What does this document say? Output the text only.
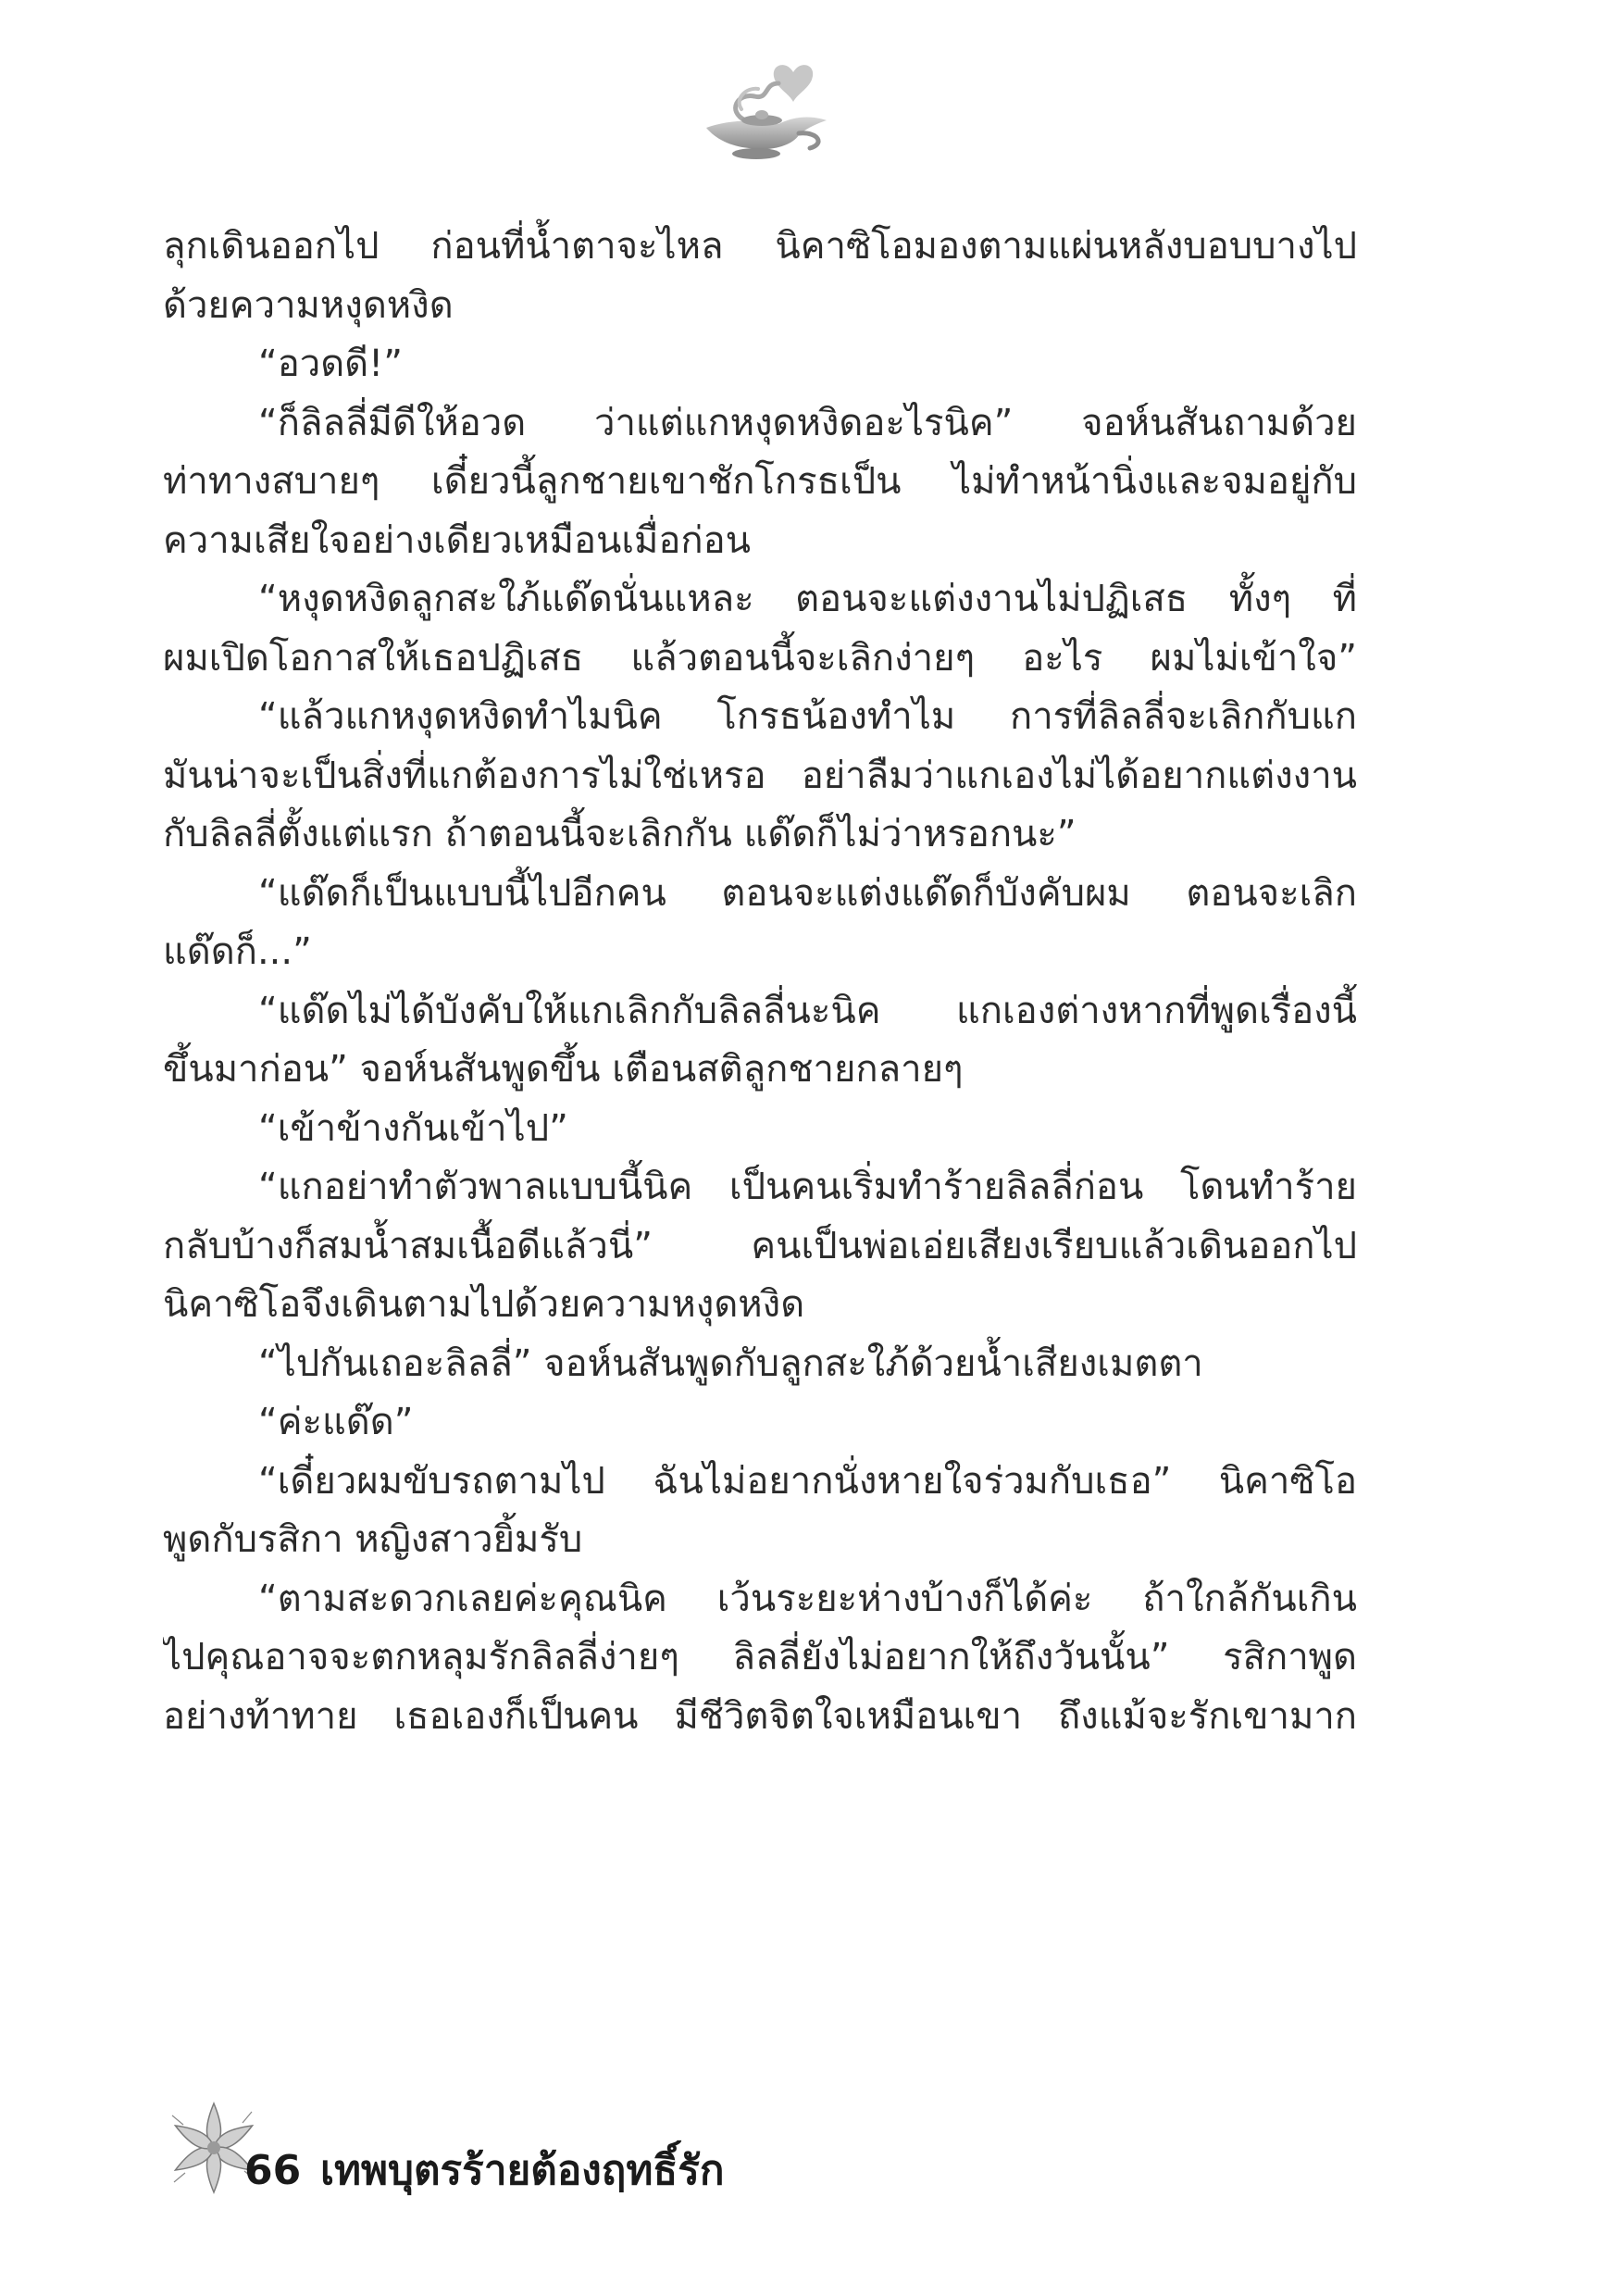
ลุกเดินออกไป ก่อนที่น้ำตาจะไหล นิคาซิโอมองตามแผ่นหลังบอบบางไป
ด้วยความหงุดหงิด
“อวดดี!”
“ก็ลิลลี่มีดีให้อวด ว่าแต่แกหงุดหงิดอะไรนิค” จอห์นสันถามด้วย
ท่าทางสบายๆ เดี๋ยวนี้ลูกชายเขาชักโกรธเป็น ไม่ทำหน้านิ่งและจมอยู่กับ
ความเสียใจอย่างเดียวเหมือนเมื่อก่อน
“หงุดหงิดลูกสะใภ้แด๊ดนั่นแหละ ตอนจะแต่งงานไม่ปฏิเสธ ทั้งๆ ที่
ผมเปิดโอกาสให้เธอปฏิเสธ แล้วตอนนี้จะเลิกง่ายๆ อะไร ผมไม่เข้าใจ”
“แล้วแกหงุดหงิดทำไมนิค โกรธน้องทำไม การที่ลิลลี่จะเลิกกับแก
มันน่าจะเป็นสิ่งที่แกต้องการไม่ใช่เหรอ อย่าลืมว่าแกเองไม่ได้อยากแต่งงาน
กับลิลลี่ตั้งแต่แรก ถ้าตอนนี้จะเลิกกัน แด๊ดก็ไม่ว่าหรอกนะ”
“แด๊ดก็เป็นแบบนี้ไปอีกคน ตอนจะแต่งแด๊ดก็บังคับผม ตอนจะเลิก
แด๊ดก็...”
“แด๊ดไม่ได้บังคับให้แกเลิกกับลิลลี่นะนิค แกเองต่างหากที่พูดเรื่องนี้
ขึ้นมาก่อน” จอห์นสันพูดขึ้น เตือนสติลูกชายกลายๆ
“เข้าข้างกันเข้าไป”
“แกอย่าทำตัวพาลแบบนี้นิค เป็นคนเริ่มทำร้ายลิลลี่ก่อน โดนทำร้าย
กลับบ้างก็สมน้ำสมเนื้อดีแล้วนี่” คนเป็นพ่อเอ่ยเสียงเรียบแล้วเดินออกไป
นิคาซิโอจึงเดินตามไปด้วยความหงุดหงิด
“ไปกันเถอะลิลลี่” จอห์นสันพูดกับลูกสะใภ้ด้วยน้ำเสียงเมตตา
“ค่ะแด๊ด”
“เดี๋ยวผมขับรถตามไป ฉันไม่อยากนั่งหายใจร่วมกับเธอ” นิคาซิโอ
พูดกับรสิกา หญิงสาวยิ้มรับ
“ตามสะดวกเลยค่ะคุณนิค เว้นระยะห่างบ้างก็ได้ค่ะ ถ้าใกล้กันเกิน
ไปคุณอาจจะตกหลุมรักลิลลี่ง่ายๆ ลิลลี่ยังไม่อยากให้ถึงวันนั้น” รสิกาพูด
อย่างท้าทาย เธอเองก็เป็นคน มีชีวิตจิตใจเหมือนเขา ถึงแม้จะรักเขามาก
66 เทพบุตรร้ายต้องฤทธิ์รัก
